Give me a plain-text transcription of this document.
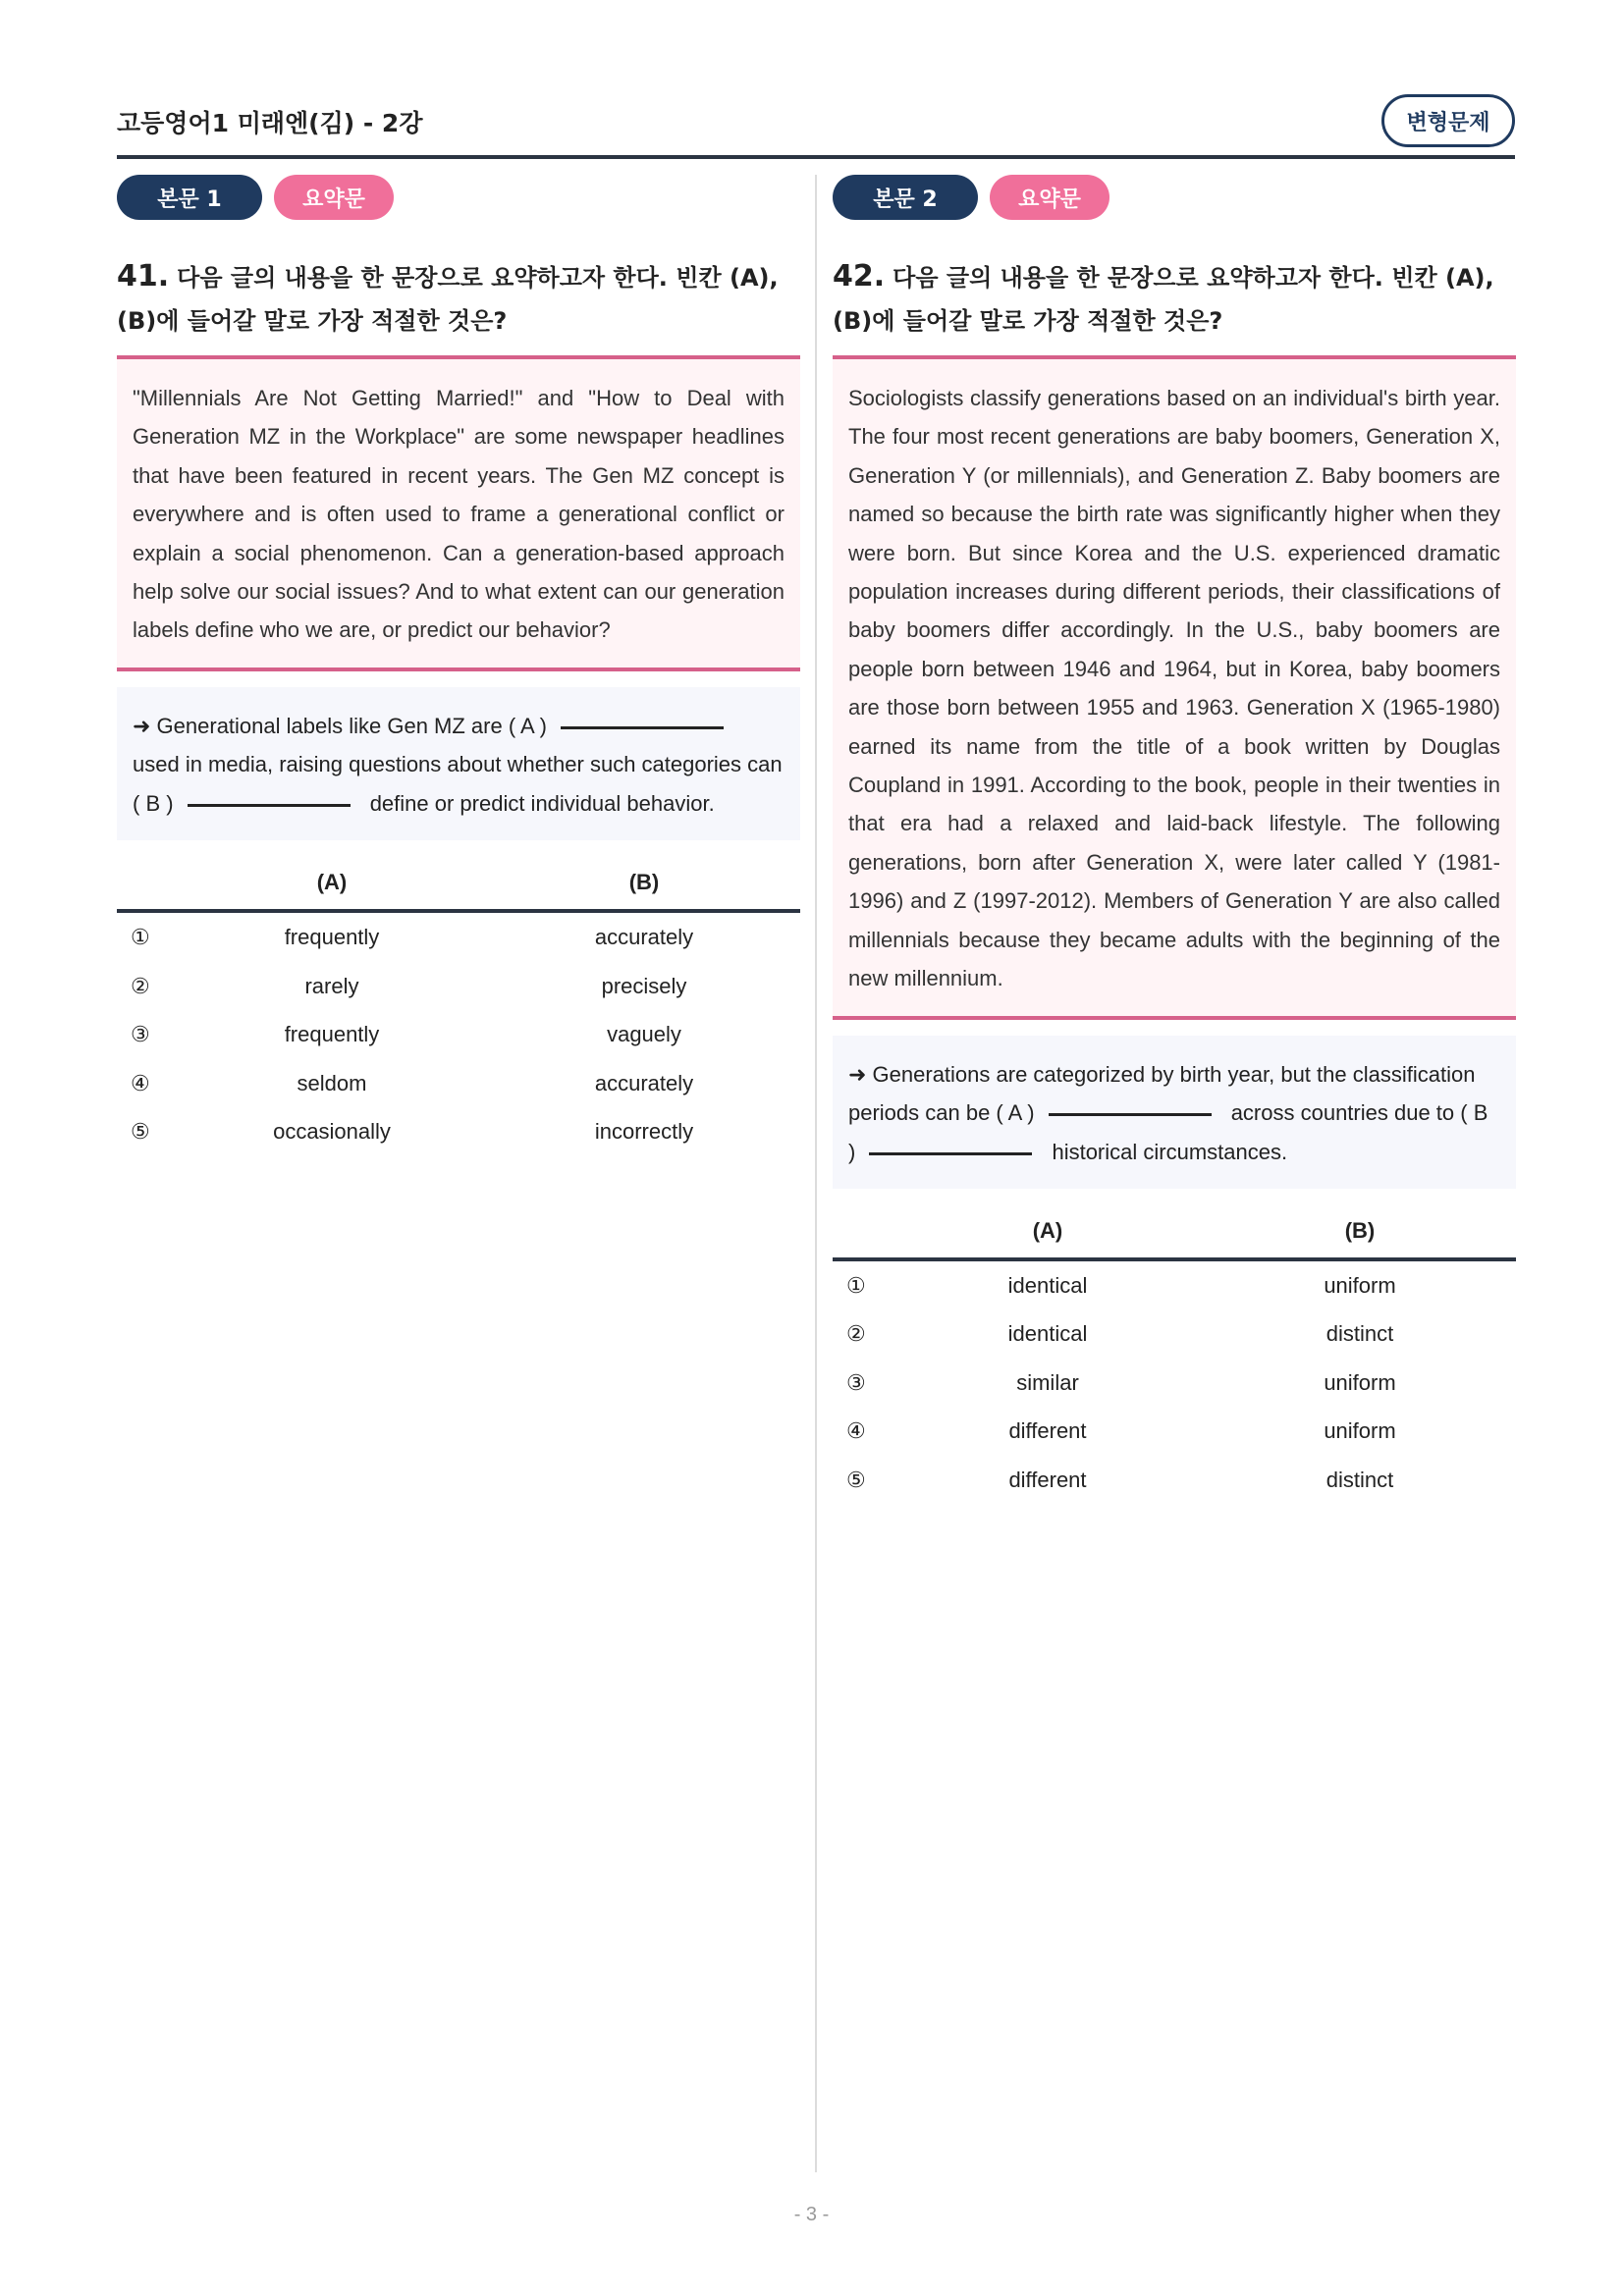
고등영어1 미래엔(김) - 2강	변형문제
본문 1	요약문
41. 다음 글의 내용을 한 문장으로 요약하고자 한다. 빈칸 (A), (B)에 들어갈 말로 가장 적절한 것은?
"Millennials Are Not Getting Married!" and "How to Deal with Generation MZ in the Workplace" are some newspaper headlines that have been featured in recent years. The Gen MZ concept is everywhere and is often used to frame a generational conflict or explain a social phenomenon. Can a generation-based approach help solve our social issues? And to what extent can our generation labels define who we are, or predict our behavior?
➜ Generational labels like Gen MZ are ( A ) used in media, raising questions about whether such categories can ( B )	define or predict individual behavior.
(A)	(B)
①	frequently	accurately
②	rarely	precisely
③	frequently	vaguely
④	seldom	accurately
⑤	occasionally	incorrectly
본문 2	요약문
42. 다음 글의 내용을 한 문장으로 요약하고자 한다. 빈칸 (A), (B)에 들어갈 말로 가장 적절한 것은?
Sociologists classify generations based on an individual's birth year. The four most recent generations are baby boomers, Generation X, Generation Y (or millennials), and Generation Z. Baby boomers are named so because the birth rate was significantly higher when they were born. But since Korea and the U.S. experienced dramatic population increases during different periods, their classifications of baby boomers differ accordingly. In the U.S., baby boomers are people born between 1946 and 1964, but in Korea, baby boomers are those born between 1955 and 1963. Generation X (1965-1980) earned its name from the title of a book written by Douglas Coupland in 1991. According to the book, people in their twenties in that era had a relaxed and laid-back lifestyle. The following generations, born after Generation X, were later called Y (1981-1996) and Z (1997-2012). Members of Generation Y are also called millennials because they became adults with the beginning of the new millennium.
➜ Generations are categorized by birth year, but the classification periods can be ( A )	across countries due to ( B )	historical circumstances.
(A)	(B)
①	identical	uniform
②	identical	distinct
③	similar	uniform
④	different	uniform
⑤	different	distinct
- 3 -
